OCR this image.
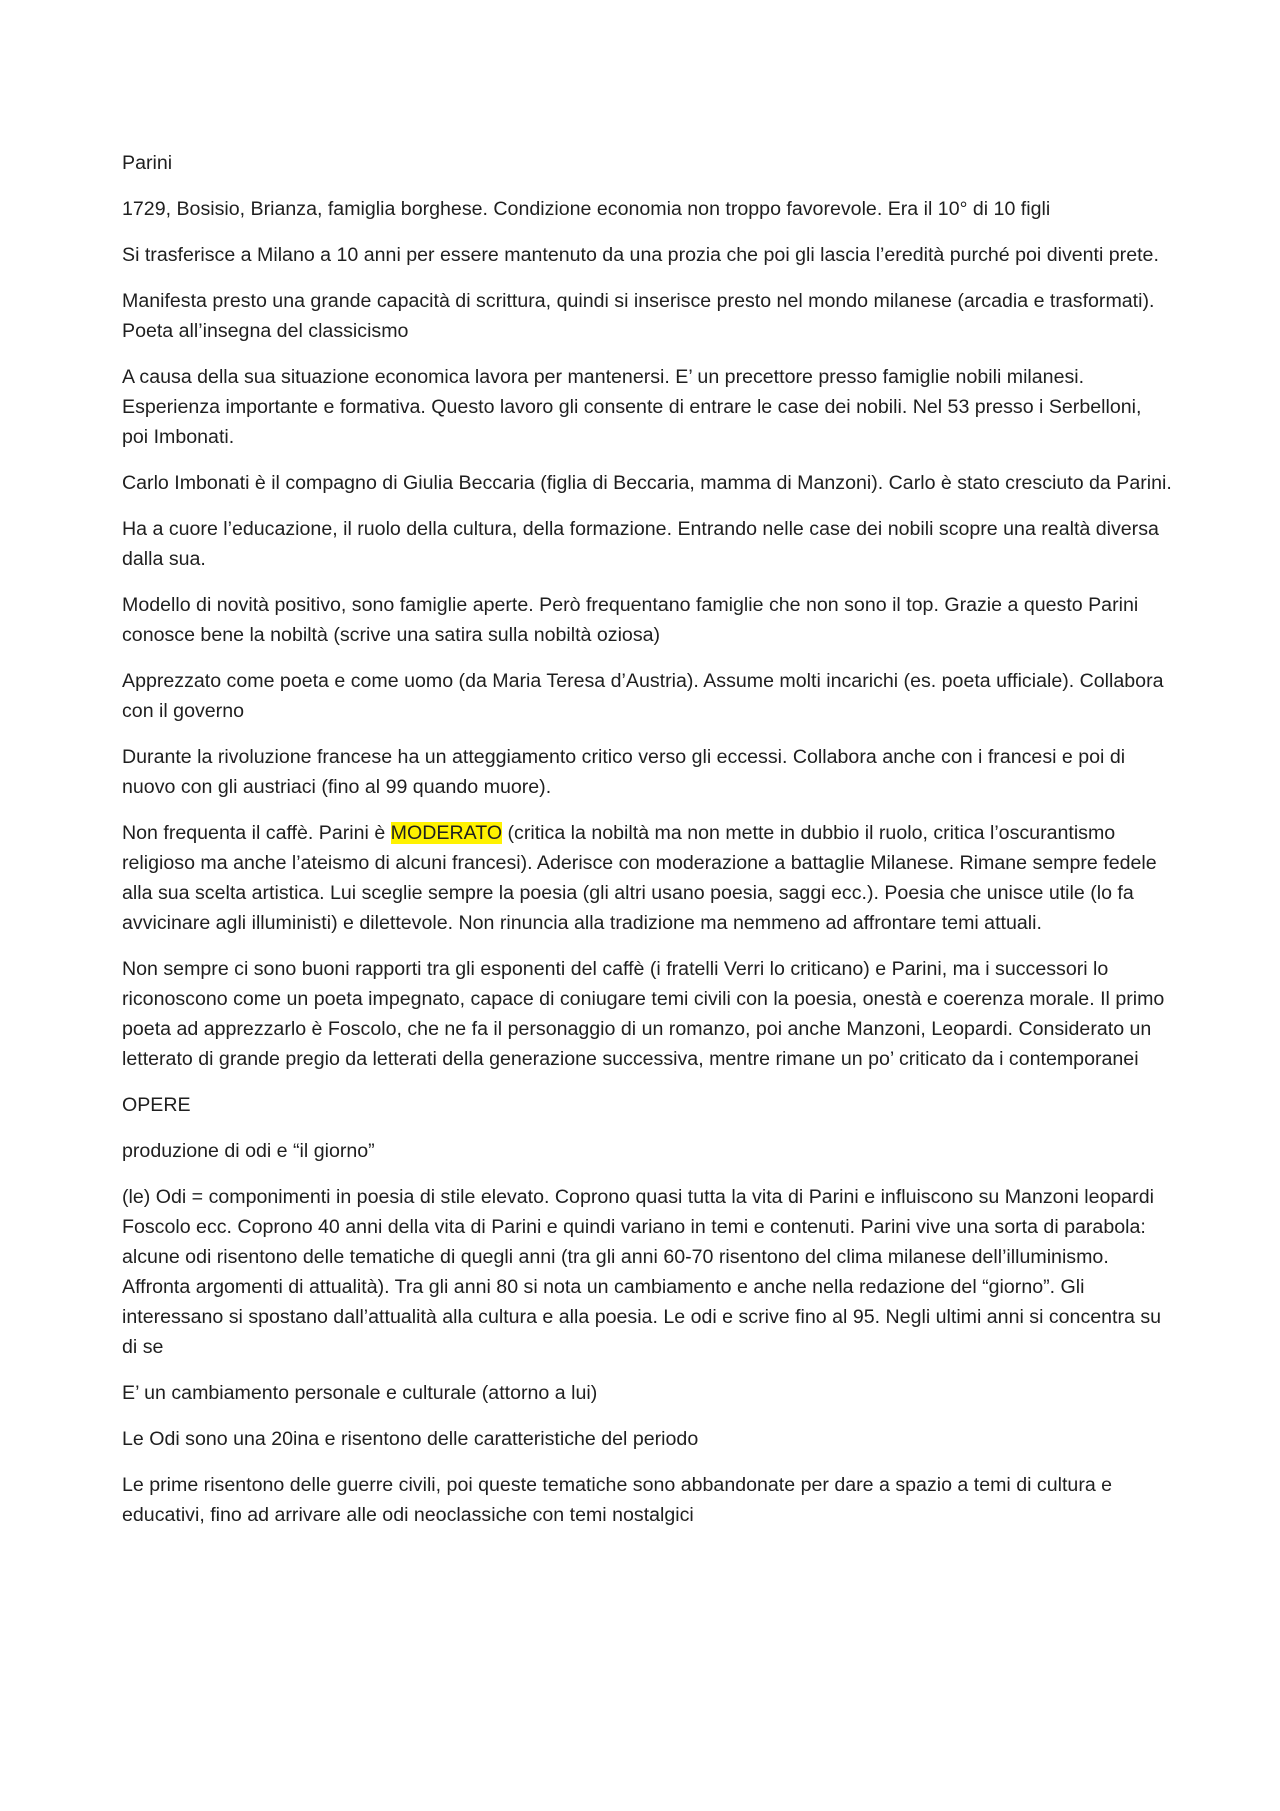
Parini

1729, Bosisio, Brianza, famiglia borghese. Condizione economia non troppo favorevole. Era il 10° di 10 figli

Si trasferisce a Milano a 10 anni per essere mantenuto da una prozia che poi gli lascia l’eredità purché poi diventi prete.

Manifesta presto una grande capacità di scrittura, quindi si inserisce presto nel mondo milanese (arcadia e trasformati). Poeta all’insegna del classicismo

A causa della sua situazione economica lavora per mantenersi. E’ un precettore presso famiglie nobili milanesi. Esperienza importante e formativa. Questo lavoro gli consente di entrare le case dei nobili. Nel 53 presso i Serbelloni, poi Imbonati.

Carlo Imbonati è il compagno di Giulia Beccaria (figlia di Beccaria, mamma di Manzoni). Carlo è stato cresciuto da Parini.

Ha a cuore l’educazione, il ruolo della cultura, della formazione. Entrando nelle case dei nobili scopre una realtà diversa dalla sua.

Modello di novità positivo, sono famiglie aperte. Però frequentano famiglie che non sono il top. Grazie a questo Parini conosce bene la nobiltà (scrive una satira sulla nobiltà oziosa)

Apprezzato come poeta e come uomo (da Maria Teresa d’Austria). Assume molti incarichi (es. poeta ufficiale). Collabora con il governo

Durante la rivoluzione francese ha un atteggiamento critico verso gli eccessi. Collabora anche con i francesi e poi di nuovo con gli austriaci (fino al 99 quando muore).

Non frequenta il caffè. Parini è MODERATO (critica la nobiltà ma non mette in dubbio il ruolo, critica l’oscurantismo religioso ma anche l’ateismo di alcuni francesi). Aderisce con moderazione a battaglie Milanese. Rimane sempre fedele alla sua scelta artistica. Lui sceglie sempre la poesia (gli altri usano poesia, saggi ecc.). Poesia che unisce utile (lo fa avvicinare agli illuministi) e dilettevole. Non rinuncia alla tradizione ma nemmeno ad affrontare temi attuali.

Non sempre ci sono buoni rapporti tra gli esponenti del caffè (i fratelli Verri lo criticano) e Parini, ma i successori lo riconoscono come un poeta impegnato, capace di coniugare temi civili con la poesia, onestà e coerenza morale. Il primo poeta ad apprezzarlo è Foscolo, che ne fa il personaggio di un romanzo, poi anche Manzoni, Leopardi. Considerato un letterato di grande pregio da letterati della generazione successiva, mentre rimane un po’ criticato da i contemporanei

OPERE

produzione di odi e “il giorno”

(le) Odi = componimenti in poesia di stile elevato. Coprono quasi tutta la vita di Parini e influiscono su Manzoni leopardi Foscolo ecc. Coprono 40 anni della vita di Parini e quindi variano in temi e contenuti. Parini vive una sorta di parabola: alcune odi risentono delle tematiche di quegli anni (tra gli anni 60-70 risentono del clima milanese dell’illuminismo. Affronta argomenti di attualità). Tra gli anni 80 si nota un cambiamento e anche nella redazione del “giorno”. Gli interessano si spostano dall’attualità alla cultura e alla poesia. Le odi e scrive fino al 95. Negli ultimi anni si concentra su di se

E’ un cambiamento personale e culturale (attorno a lui)

Le Odi sono una 20ina e risentono delle caratteristiche del periodo

Le prime risentono delle guerre civili, poi queste tematiche sono abbandonate per dare a spazio a temi di cultura e educativi, fino ad arrivare alle odi neoclassiche con temi nostalgici
